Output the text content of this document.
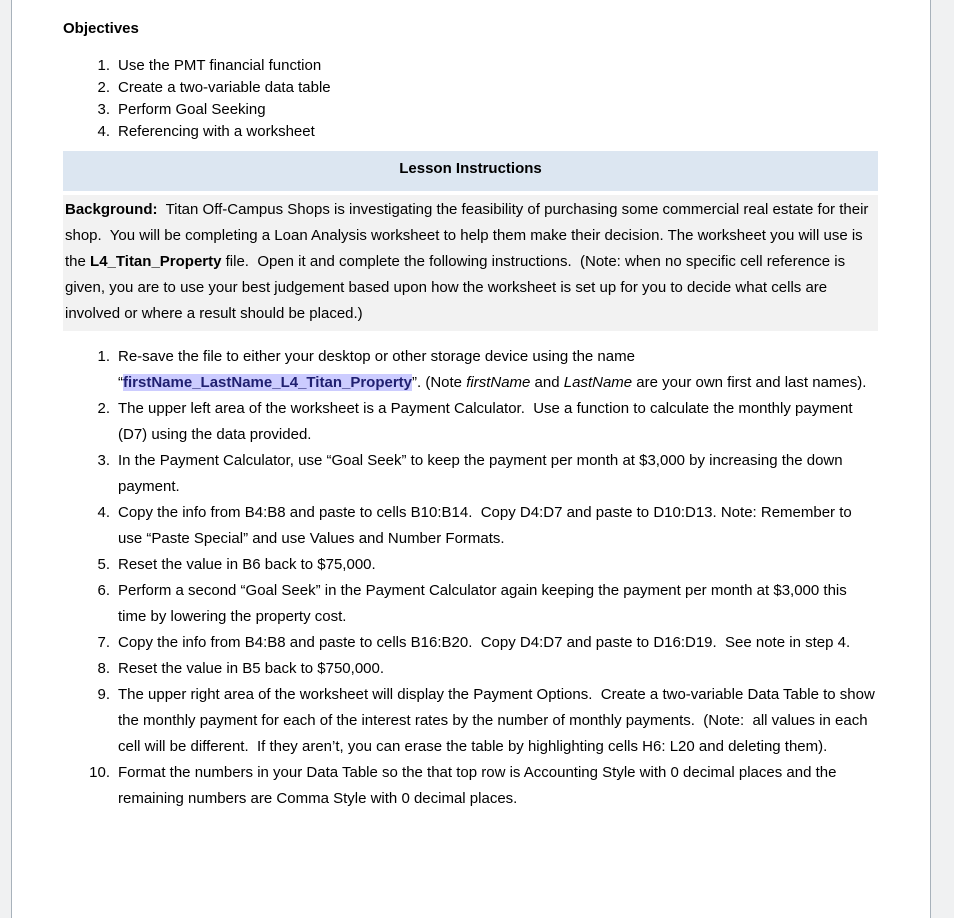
Objectives
1. Use the PMT financial function
2. Create a two-variable data table
3. Perform Goal Seeking
4. Referencing with a worksheet
Lesson Instructions

Background:  Titan Off-Campus Shops is investigating the feasibility of purchasing some commercial real estate for their shop.  You will be completing a Loan Analysis worksheet to help them make their decision. The worksheet you will use is the L4_Titan_Property file.  Open it and complete the following instructions.  (Note: when no specific cell reference is given, you are to use your best judgement based upon how the worksheet is set up for you to decide what cells are involved or where a result should be placed.)

1. Re-save the file to either your desktop or other storage device using the name “firstName_LastName_L4_Titan_Property”. (Note firstName and LastName are your own first and last names).
2. The upper left area of the worksheet is a Payment Calculator.  Use a function to calculate the monthly payment (D7) using the data provided.
3. In the Payment Calculator, use “Goal Seek” to keep the payment per month at $3,000 by increasing the down payment.
4. Copy the info from B4:B8 and paste to cells B10:B14.  Copy D4:D7 and paste to D10:D13. Note: Remember to use “Paste Special” and use Values and Number Formats.
5. Reset the value in B6 back to $75,000.
6. Perform a second “Goal Seek” in the Payment Calculator again keeping the payment per month at $3,000 this time by lowering the property cost.
7. Copy the info from B4:B8 and paste to cells B16:B20.  Copy D4:D7 and paste to D16:D19.  See note in step 4.
8. Reset the value in B5 back to $750,000.
9. The upper right area of the worksheet will display the Payment Options.  Create a two-variable Data Table to show the monthly payment for each of the interest rates by the number of monthly payments.  (Note:  all values in each cell will be different.  If they aren’t, you can erase the table by highlighting cells H6: L20 and deleting them).
10. Format the numbers in your Data Table so the that top row is Accounting Style with 0 decimal places and the remaining numbers are Comma Style with 0 decimal places.
